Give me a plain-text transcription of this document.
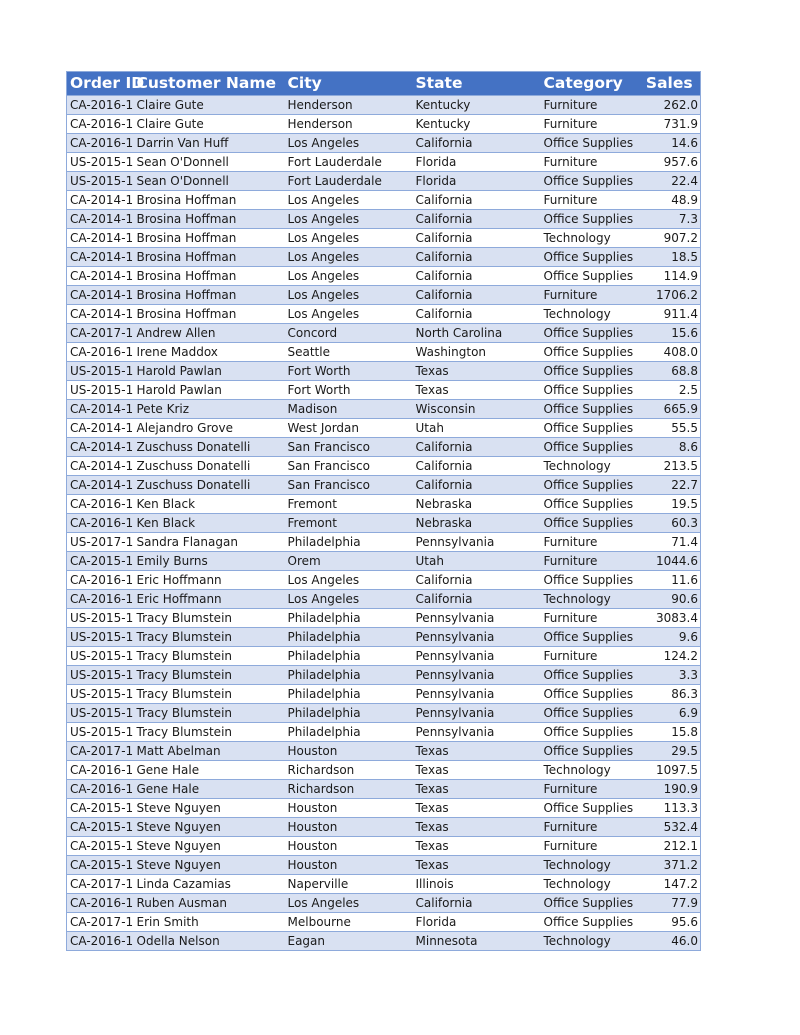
Order ID	Customer Name	City	State	Category	Sales
CA-2016-1	Claire Gute	Henderson	Kentucky	Furniture	262.0
CA-2016-1	Claire Gute	Henderson	Kentucky	Furniture	731.9
CA-2016-1	Darrin Van Huff	Los Angeles	California	Office Supplies	14.6
US-2015-1	Sean O'Donnell	Fort Lauderdale	Florida	Furniture	957.6
US-2015-1	Sean O'Donnell	Fort Lauderdale	Florida	Office Supplies	22.4
CA-2014-1	Brosina Hoffman	Los Angeles	California	Furniture	48.9
CA-2014-1	Brosina Hoffman	Los Angeles	California	Office Supplies	7.3
CA-2014-1	Brosina Hoffman	Los Angeles	California	Technology	907.2
CA-2014-1	Brosina Hoffman	Los Angeles	California	Office Supplies	18.5
CA-2014-1	Brosina Hoffman	Los Angeles	California	Office Supplies	114.9
CA-2014-1	Brosina Hoffman	Los Angeles	California	Furniture	1706.2
CA-2014-1	Brosina Hoffman	Los Angeles	California	Technology	911.4
CA-2017-1	Andrew Allen	Concord	North Carolina	Office Supplies	15.6
CA-2016-1	Irene Maddox	Seattle	Washington	Office Supplies	408.0
US-2015-1	Harold Pawlan	Fort Worth	Texas	Office Supplies	68.8
US-2015-1	Harold Pawlan	Fort Worth	Texas	Office Supplies	2.5
CA-2014-1	Pete Kriz	Madison	Wisconsin	Office Supplies	665.9
CA-2014-1	Alejandro Grove	West Jordan	Utah	Office Supplies	55.5
CA-2014-1	Zuschuss Donatelli	San Francisco	California	Office Supplies	8.6
CA-2014-1	Zuschuss Donatelli	San Francisco	California	Technology	213.5
CA-2014-1	Zuschuss Donatelli	San Francisco	California	Office Supplies	22.7
CA-2016-1	Ken Black	Fremont	Nebraska	Office Supplies	19.5
CA-2016-1	Ken Black	Fremont	Nebraska	Office Supplies	60.3
US-2017-1	Sandra Flanagan	Philadelphia	Pennsylvania	Furniture	71.4
CA-2015-1	Emily Burns	Orem	Utah	Furniture	1044.6
CA-2016-1	Eric Hoffmann	Los Angeles	California	Office Supplies	11.6
CA-2016-1	Eric Hoffmann	Los Angeles	California	Technology	90.6
US-2015-1	Tracy Blumstein	Philadelphia	Pennsylvania	Furniture	3083.4
US-2015-1	Tracy Blumstein	Philadelphia	Pennsylvania	Office Supplies	9.6
US-2015-1	Tracy Blumstein	Philadelphia	Pennsylvania	Furniture	124.2
US-2015-1	Tracy Blumstein	Philadelphia	Pennsylvania	Office Supplies	3.3
US-2015-1	Tracy Blumstein	Philadelphia	Pennsylvania	Office Supplies	86.3
US-2015-1	Tracy Blumstein	Philadelphia	Pennsylvania	Office Supplies	6.9
US-2015-1	Tracy Blumstein	Philadelphia	Pennsylvania	Office Supplies	15.8
CA-2017-1	Matt Abelman	Houston	Texas	Office Supplies	29.5
CA-2016-1	Gene Hale	Richardson	Texas	Technology	1097.5
CA-2016-1	Gene Hale	Richardson	Texas	Furniture	190.9
CA-2015-1	Steve Nguyen	Houston	Texas	Office Supplies	113.3
CA-2015-1	Steve Nguyen	Houston	Texas	Furniture	532.4
CA-2015-1	Steve Nguyen	Houston	Texas	Furniture	212.1
CA-2015-1	Steve Nguyen	Houston	Texas	Technology	371.2
CA-2017-1	Linda Cazamias	Naperville	Illinois	Technology	147.2
CA-2016-1	Ruben Ausman	Los Angeles	California	Office Supplies	77.9
CA-2017-1	Erin Smith	Melbourne	Florida	Office Supplies	95.6
CA-2016-1	Odella Nelson	Eagan	Minnesota	Technology	46.0
